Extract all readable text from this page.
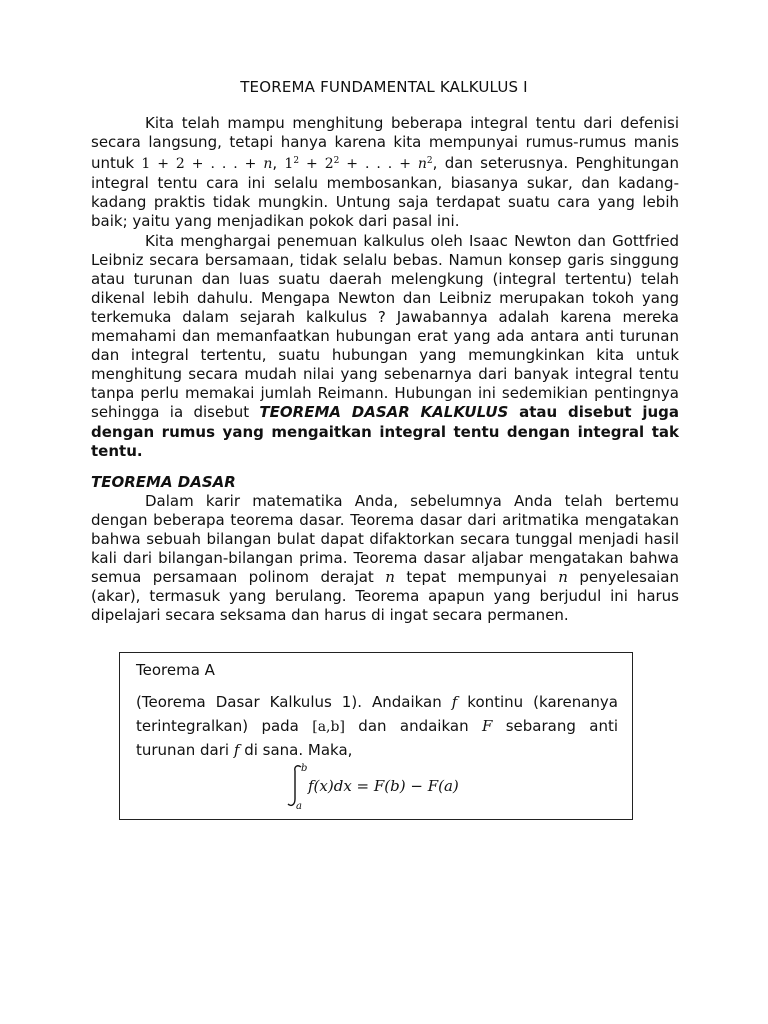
TEOREMA FUNDAMENTAL KALKULUS I

Kita telah mampu menghitung beberapa integral tentu dari defenisi secara langsung, tetapi hanya karena kita mempunyai rumus-rumus manis untuk 1 + 2 + . . . + n, $1^2 + 2^2$ + . . . + $n^2$, dan seterusnya. Penghitungan integral tentu cara ini selalu membosankan, biasanya sukar, dan kadang-kadang praktis tidak mungkin. Untung saja terdapat suatu cara yang lebih baik; yaitu yang menjadikan pokok dari pasal ini.

Kita menghargai penemuan kalkulus oleh Isaac Newton dan Gottfried Leibniz secara bersamaan, tidak selalu bebas. Namun konsep garis singgung atau turunan dan luas suatu daerah melengkung (integral tertentu) telah dikenal lebih dahulu. Mengapa Newton dan Leibniz merupakan tokoh yang terkemuka dalam sejarah kalkulus ? Jawabannya adalah karena mereka memahami dan memanfaatkan hubungan erat yang ada antara anti turunan dan integral tertentu, suatu hubungan yang memungkinkan kita untuk menghitung secara mudah nilai yang sebenarnya dari banyak integral tentu tanpa perlu memakai jumlah Reimann. Hubungan ini sedemikian pentingnya sehingga ia disebut TEOREMA DASAR KALKULUS atau disebut juga dengan rumus yang mengaitkan integral tentu dengan integral tak tentu.

TEOREMA DASAR

Dalam karir matematika Anda, sebelumnya Anda telah bertemu dengan beberapa teorema dasar. Teorema dasar dari aritmatika mengatakan bahwa sebuah bilangan bulat dapat difaktorkan secara tunggal menjadi hasil kali dari bilangan-bilangan prima. Teorema dasar aljabar mengatakan bahwa semua persamaan polinom derajat n tepat mempunyai n penyelesaian (akar), termasuk yang berulang. Teorema apapun yang berjudul ini harus dipelajari secara seksama dan harus di ingat secara permanen.

Teorema A
(Teorema Dasar Kalkulus 1). Andaikan f kontinu (karenanya terintegralkan) pada [a,b] dan andaikan F sebarang anti turunan dari f di sana. Maka,
b
a
f(x)dx = F(b) − F(a)
